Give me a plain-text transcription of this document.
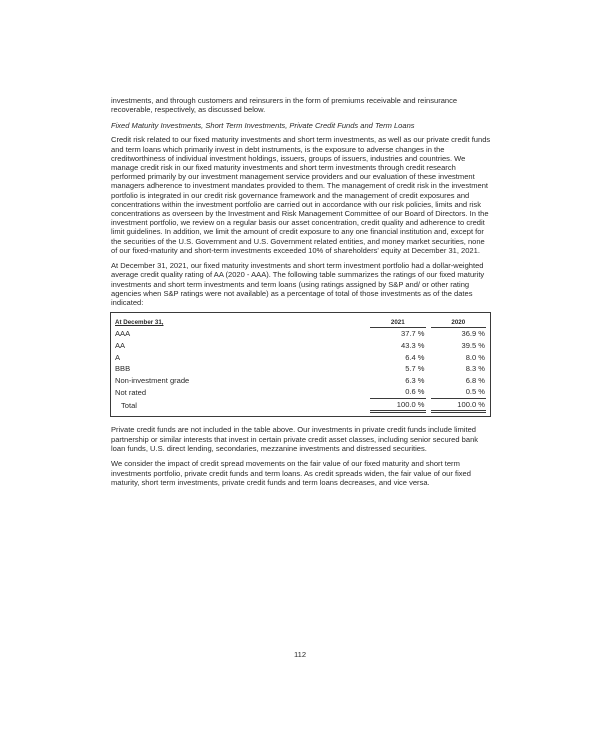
investments, and through customers and reinsurers in the form of premiums receivable and reinsurance recoverable, respectively, as discussed below.

Fixed Maturity Investments, Short Term Investments, Private Credit Funds and Term Loans

Credit risk related to our fixed maturity investments and short term investments, as well as our private credit funds and term loans which primarily invest in debt instruments, is the exposure to adverse changes in the creditworthiness of individual investment holdings, issuers, groups of issuers, industries and countries. We manage credit risk in our fixed maturity investments and short term investments through credit research performed primarily by our investment management service providers and our evaluation of these investment managers adherence to investment mandates provided to them. The management of credit risk in the investment portfolio is integrated in our credit risk governance framework and the management of credit exposures and concentrations within the investment portfolio are carried out in accordance with our risk policies, limits and risk concentrations as overseen by the Investment and Risk Management Committee of our Board of Directors. In the investment portfolio, we review on a regular basis our asset concentration, credit quality and adherence to credit limit guidelines. In addition, we limit the amount of credit exposure to any one financial institution and, except for the securities of the U.S. Government and U.S. Government related entities, and money market securities, none of our fixed-maturity and short-term investments exceeded 10% of shareholders' equity at December 31, 2021.

At December 31, 2021, our fixed maturity investments and short term investment portfolio had a dollar-weighted average credit quality rating of AA (2020 - AAA). The following table summarizes the ratings of our fixed maturity investments and short term investments and term loans (using ratings assigned by S&P and/ or other rating agencies when S&P ratings were not available) as a percentage of total of those investments as of the dates indicated:

At December 31,	2021		2020
AAA	37.7 %		36.9 %
AA	43.3 %		39.5 %
A	6.4 %		8.0 %
BBB	5.7 %		8.3 %
Non-investment grade	6.3 %		6.8 %
Not rated	0.6 %		0.5 %
Total	100.0 %		100.0 %

Private credit funds are not included in the table above. Our investments in private credit funds include limited partnership or similar interests that invest in certain private credit asset classes, including senior secured bank loan funds, U.S. direct lending, secondaries, mezzanine investments and distressed securities.

We consider the impact of credit spread movements on the fair value of our fixed maturity and short term investments portfolio, private credit funds and term loans. As credit spreads widen, the fair value of our fixed maturity, short term investments, private credit funds and term loans decreases, and vice versa.

112
